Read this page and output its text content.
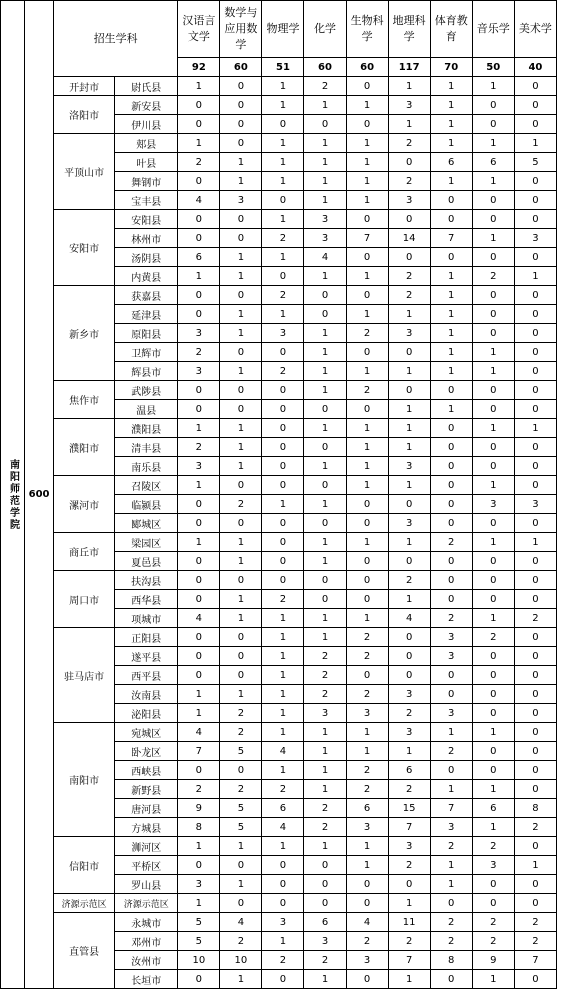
南阳师范学院	600	招生学科		汉语言文学	数学与应用数学	物理学	化学	生物科学	地理科学	体育教育	音乐学	美术学
				92	60	51	60	60	117	70	50	40
		开封市	尉氏县	1	0	1	2	0	1	1	1	0
		洛阳市	新安县	0	0	1	1	1	3	1	0	0
			伊川县	0	0	0	0	0	1	1	0	0
		平顶山市	郏县	1	0	1	1	1	2	1	1	1
			叶县	2	1	1	1	1	0	6	6	5
			舞钢市	0	1	1	1	1	2	1	1	0
			宝丰县	4	3	0	1	1	3	0	0	0
		安阳市	安阳县	0	0	1	3	0	0	0	0	0
			林州市	0	0	2	3	7	14	7	1	3
			汤阴县	6	1	1	4	0	0	0	0	0
			内黄县	1	1	0	1	1	2	1	2	1
		新乡市	获嘉县	0	0	2	0	0	2	1	0	0
			延津县	0	1	1	0	1	1	1	0	0
			原阳县	3	1	3	1	2	3	1	0	0
			卫辉市	2	0	0	1	0	0	1	1	0
			辉县市	3	1	2	1	1	1	1	1	0
		焦作市	武陟县	0	0	0	1	2	0	0	0	0
			温县	0	0	0	0	0	1	1	0	0
		濮阳市	濮阳县	1	1	0	1	1	1	0	1	1
			清丰县	2	1	0	0	1	1	0	0	0
			南乐县	3	1	0	1	1	3	0	0	0
		漯河市	召陵区	1	0	0	0	1	1	0	1	0
			临颍县	0	2	1	1	0	0	0	3	3
			郾城区	0	0	0	0	0	3	0	0	0
		商丘市	梁园区	1	1	0	1	1	1	2	1	1
			夏邑县	0	1	0	1	0	0	0	0	0
		周口市	扶沟县	0	0	0	0	0	2	0	0	0
			西华县	0	1	2	0	0	1	0	0	0
			项城市	4	1	1	1	1	4	2	1	2
		驻马店市	正阳县	0	0	1	1	2	0	3	2	0
			遂平县	0	0	1	2	2	0	3	0	0
			西平县	0	0	1	2	0	0	0	0	0
			汝南县	1	1	1	2	2	3	0	0	0
			泌阳县	1	2	1	3	3	2	3	0	0
		南阳市	宛城区	4	2	1	1	1	3	1	1	0
			卧龙区	7	5	4	1	1	1	2	0	0
			西峡县	0	0	1	1	2	6	0	0	0
			新野县	2	2	2	1	2	2	1	1	0
			唐河县	9	5	6	2	6	15	7	6	8
			方城县	8	5	4	2	3	7	3	1	2
		信阳市	浉河区	1	1	1	1	1	3	2	2	0
			平桥区	0	0	0	0	1	2	1	3	1
			罗山县	3	1	0	0	0	0	1	0	0
		济源示范区	济源示范区	1	0	0	0	0	1	0	0	0
		直管县	永城市	5	4	3	6	4	11	2	2	2
			邓州市	5	2	1	3	2	2	2	2	2
			汝州市	10	10	2	2	3	7	8	9	7
			长垣市	0	1	0	1	0	1	0	1	0
